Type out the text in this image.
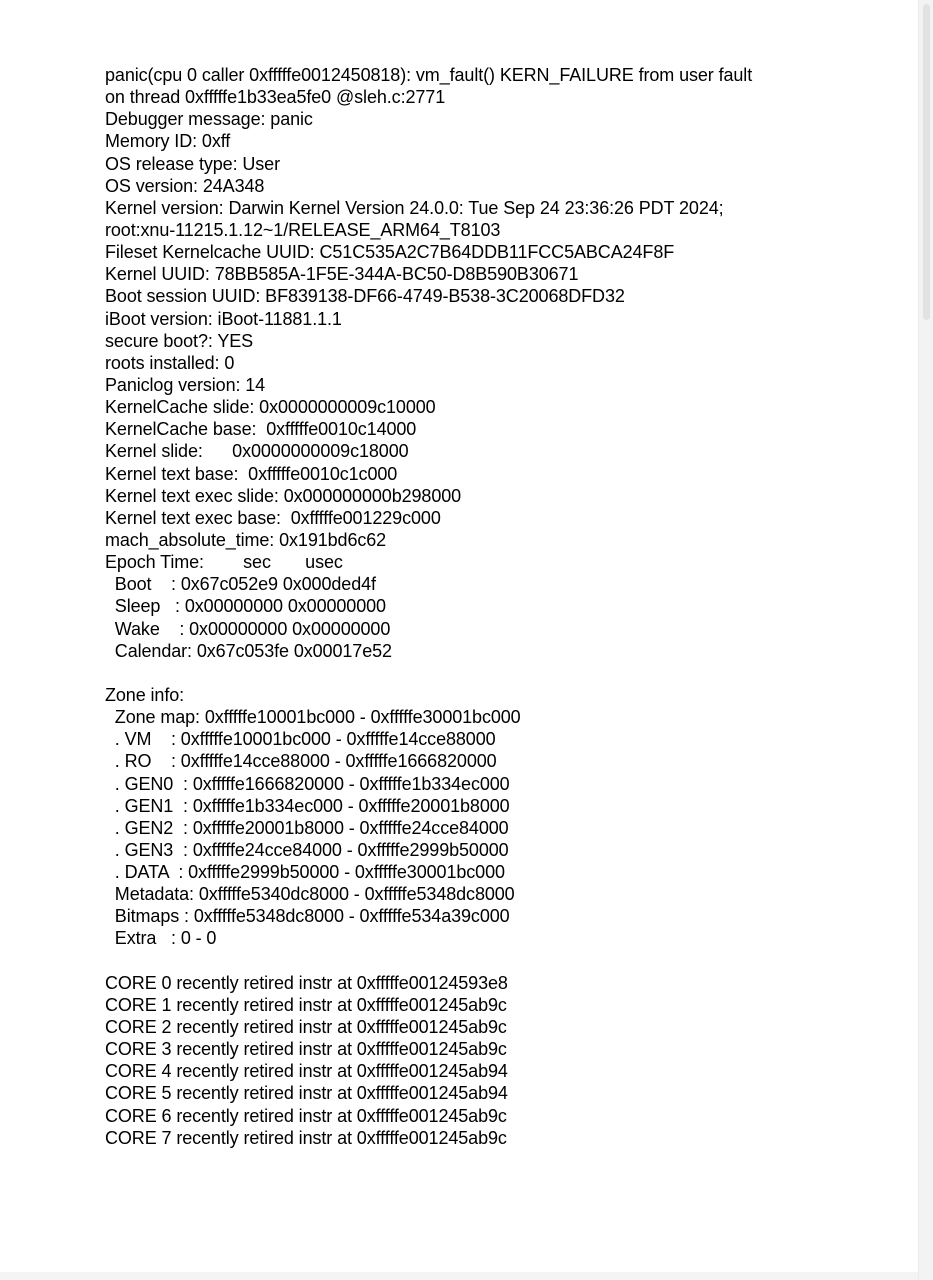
panic(cpu 0 caller 0xfffffe0012450818): vm_fault() KERN_FAILURE from user fault
on thread 0xfffffe1b33ea5fe0 @sleh.c:2771
Debugger message: panic
Memory ID: 0xff
OS release type: User
OS version: 24A348
Kernel version: Darwin Kernel Version 24.0.0: Tue Sep 24 23:36:26 PDT 2024;
root:xnu-11215.1.12~1/RELEASE_ARM64_T8103
Fileset Kernelcache UUID: C51C535A2C7B64DDB11FCC5ABCA24F8F
Kernel UUID: 78BB585A-1F5E-344A-BC50-D8B590B30671
Boot session UUID: BF839138-DF66-4749-B538-3C20068DFD32
iBoot version: iBoot-11881.1.1
secure boot?: YES
roots installed: 0
Paniclog version: 14
KernelCache slide: 0x0000000009c10000
KernelCache base:  0xfffffe0010c14000
Kernel slide:      0x0000000009c18000
Kernel text base:  0xfffffe0010c1c000
Kernel text exec slide: 0x000000000b298000
Kernel text exec base:  0xfffffe001229c000
mach_absolute_time: 0x191bd6c62
Epoch Time:        sec       usec
Boot    : 0x67c052e9 0x000ded4f
Sleep   : 0x00000000 0x00000000
Wake    : 0x00000000 0x00000000
Calendar: 0x67c053fe 0x00017e52

Zone info:
Zone map: 0xfffffe10001bc000 - 0xfffffe30001bc000
. VM    : 0xfffffe10001bc000 - 0xfffffe14cce88000
. RO    : 0xfffffe14cce88000 - 0xfffffe1666820000
. GEN0  : 0xfffffe1666820000 - 0xfffffe1b334ec000
. GEN1  : 0xfffffe1b334ec000 - 0xfffffe20001b8000
. GEN2  : 0xfffffe20001b8000 - 0xfffffe24cce84000
. GEN3  : 0xfffffe24cce84000 - 0xfffffe2999b50000
. DATA  : 0xfffffe2999b50000 - 0xfffffe30001bc000
Metadata: 0xfffffe5340dc8000 - 0xfffffe5348dc8000
Bitmaps : 0xfffffe5348dc8000 - 0xfffffe534a39c000
Extra   : 0 - 0

CORE 0 recently retired instr at 0xfffffe00124593e8
CORE 1 recently retired instr at 0xfffffe001245ab9c
CORE 2 recently retired instr at 0xfffffe001245ab9c
CORE 3 recently retired instr at 0xfffffe001245ab9c
CORE 4 recently retired instr at 0xfffffe001245ab94
CORE 5 recently retired instr at 0xfffffe001245ab94
CORE 6 recently retired instr at 0xfffffe001245ab9c
CORE 7 recently retired instr at 0xfffffe001245ab9c
